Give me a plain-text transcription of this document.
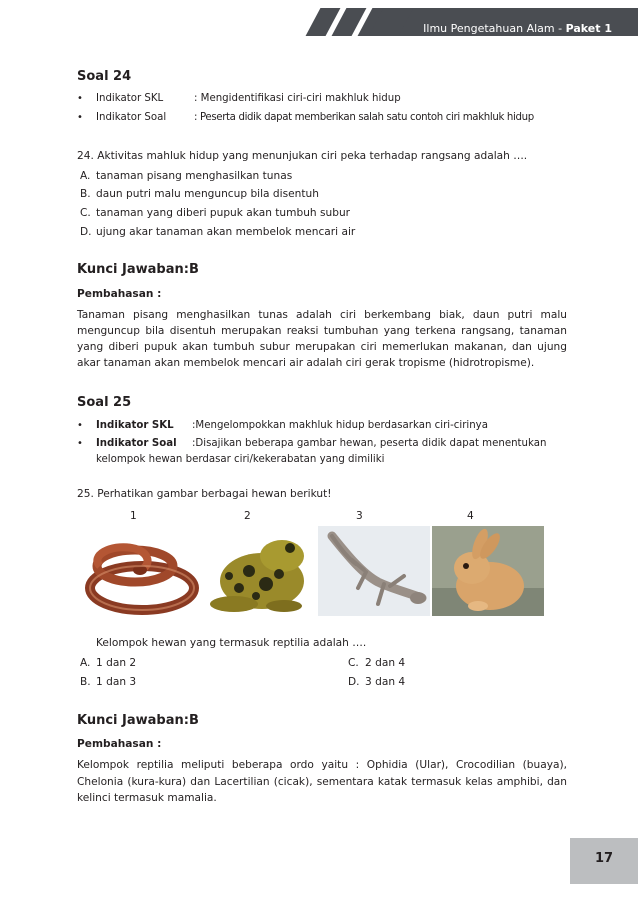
Ilmu Pengetahuan Alam - Paket 1
Soal 24
• Indikator SKL	: Mengidentifikasi ciri-ciri makhluk hidup
• Indikator Soal	: Peserta didik dapat memberikan salah satu contoh ciri makhluk hidup
24. Aktivitas mahluk hidup yang menunjukan ciri peka terhadap rangsang adalah ….
A. tanaman pisang menghasilkan tunas
B. daun putri malu menguncup bila disentuh
C. tanaman yang diberi pupuk akan tumbuh subur
D. ujung akar tanaman akan membelok mencari air
Kunci Jawaban:B
Pembahasan :
Tanaman pisang menghasilkan tunas adalah ciri berkembang biak, daun putri malu menguncup bila disentuh merupakan reaksi tumbuhan yang terkena rangsang, tanaman yang diberi pupuk akan tumbuh subur merupakan ciri memerlukan makanan, dan ujung akar tanaman akan membelok mencari air adalah ciri gerak tropisme (hidrotropisme).
Soal 25
• Indikator SKL :Mengelompokkan makhluk hidup berdasarkan ciri-cirinya
• Indikator Soal :Disajikan beberapa gambar hewan, peserta didik dapat menentukan
kelompok hewan berdasar ciri/kekerabatan yang dimiliki
25. Perhatikan gambar berbagai hewan berikut!
1	2	3	4
Kelompok hewan yang termasuk reptilia adalah ….
A. 1 dan 2
B. 1 dan 3
C. 2 dan 4
D. 3 dan 4
Kunci Jawaban:B
Pembahasan :
Kelompok reptilia meliputi beberapa ordo yaitu : Ophidia (Ular), Crocodilian (buaya), Chelonia (kura-kura) dan Lacertilian (cicak), sementara katak termasuk kelas amphibi, dan kelinci termasuk mamalia.
17
